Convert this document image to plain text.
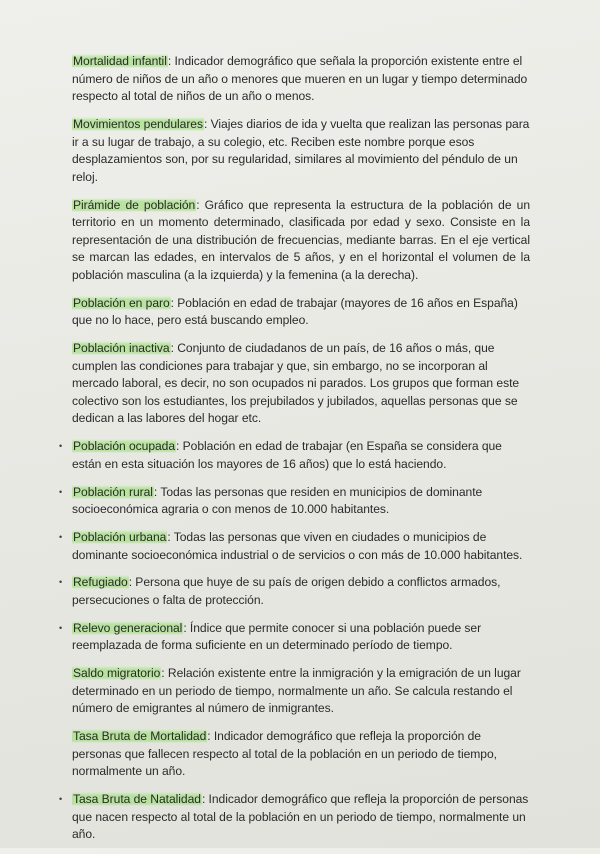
Mortalidad infantil: Indicador demográfico que señala la proporción existente entre el número de niños de un año o menores que mueren en un lugar y tiempo determinado respecto al total de niños de un año o menos.

Movimientos pendulares: Viajes diarios de ida y vuelta que realizan las personas para ir a su lugar de trabajo, a su colegio, etc. Reciben este nombre porque esos desplazamientos son, por su regularidad, similares al movimiento del péndulo de un reloj.

Pirámide de población: Gráfico que representa la estructura de la población de un territorio en un momento determinado, clasificada por edad y sexo. Consiste en la representación de una distribución de frecuencias, mediante barras. En el eje vertical se marcan las edades, en intervalos de 5 años, y en el horizontal el volumen de la población masculina (a la izquierda) y la femenina (a la derecha).

Población en paro: Población en edad de trabajar (mayores de 16 años en España) que no lo hace, pero está buscando empleo.

Población inactiva: Conjunto de ciudadanos de un país, de 16 años o más, que cumplen las condiciones para trabajar y que, sin embargo, no se incorporan al mercado laboral, es decir, no son ocupados ni parados. Los grupos que forman este colectivo son los estudiantes, los prejubilados y jubilados, aquellas personas que se dedican a las labores del hogar etc.

• Población ocupada: Población en edad de trabajar (en España se considera que están en esta situación los mayores de 16 años) que lo está haciendo.

• Población rural: Todas las personas que residen en municipios de dominante socioeconómica agraria o con menos de 10.000 habitantes.

• Población urbana: Todas las personas que viven en ciudades o municipios de dominante socioeconómica industrial o de servicios o con más de 10.000 habitantes.

• Refugiado: Persona que huye de su país de origen debido a conflictos armados, persecuciones o falta de protección.

• Relevo generacional: Índice que permite conocer si una población puede ser reemplazada de forma suficiente en un determinado período de tiempo.

Saldo migratorio: Relación existente entre la inmigración y la emigración de un lugar determinado en un periodo de tiempo, normalmente un año. Se calcula restando el número de emigrantes al número de inmigrantes.

Tasa Bruta de Mortalidad: Indicador demográfico que refleja la proporción de personas que fallecen respecto al total de la población en un periodo de tiempo, normalmente un año.

• Tasa Bruta de Natalidad: Indicador demográfico que refleja la proporción de personas que nacen respecto al total de la población en un periodo de tiempo, normalmente un año.
